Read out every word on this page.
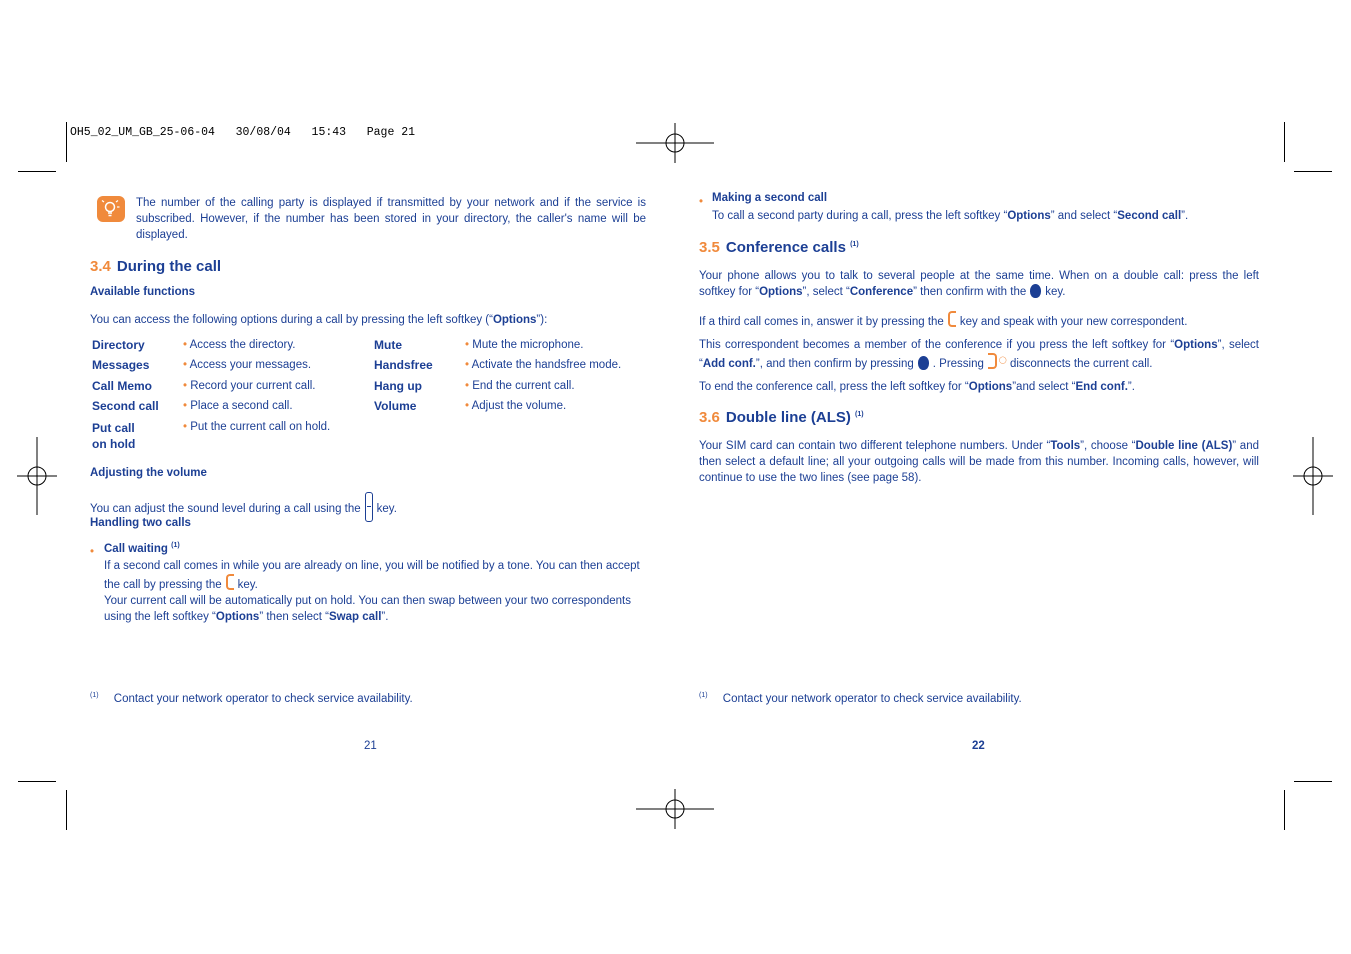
OH5_02_UM_GB_25-06-04   30/08/04   15:43   Page 21
The number of the calling party is displayed if transmitted by your network and if the service is subscribed. However, if the number has been stored in your directory, the caller's name will be displayed.
3.4 During the call
Available functions
You can access the following options during a call by pressing the left softkey (“Options”):
Directory	• Access the directory.
Messages	• Access your messages.
Call Memo	• Record your current call.
Second call • Place a second call.
Put call on hold
• Put the current call on hold.
Mute	• Mute the microphone.
Handsfree	• Activate the handsfree mode.
Hang up	• End the current call.
Volume	• Adjust the volume.
Adjusting the volume
You can adjust the sound level during a call using the key.
Handling two calls
• Call waiting $^{(1)}$
If a second call comes in while you are already on line, you will be notified by a tone. You can then accept
the call by pressing the key.
Your current call will be automatically put on hold. You can then swap between your two correspondents
using the left softkey “Options” then select “Swap call”.
$^{(1)}$ Contact your network operator to check service availability.
21
• Making a second call
To call a second party during a call, press the left softkey “Options” and select “Second call”.
3.5 Conference calls $^{(1)}$
Your phone allows you to talk to several people at the same time. When on a double call: press the left softkey for “Options”, select “Conference” then confirm with the key.
If a third call comes in, answer it by pressing the key and speak with your new correspondent.
This correspondent becomes a member of the conference if you press the left softkey for “Options”, select “Add conf.”, and then confirm by pressing . Pressing ◯ disconnects the current call.
To end the conference call, press the left softkey for “Options”and select “End conf.”.
3.6 Double line (ALS) $^{(1)}$
Your SIM card can contain two different telephone numbers. Under “Tools”, choose “Double line (ALS)” and then select a default line; all your outgoing calls will be made from this number. Incoming calls, however, will continue to use the two lines (see page 58).
$^{(1)}$ Contact your network operator to check service availability.
22
